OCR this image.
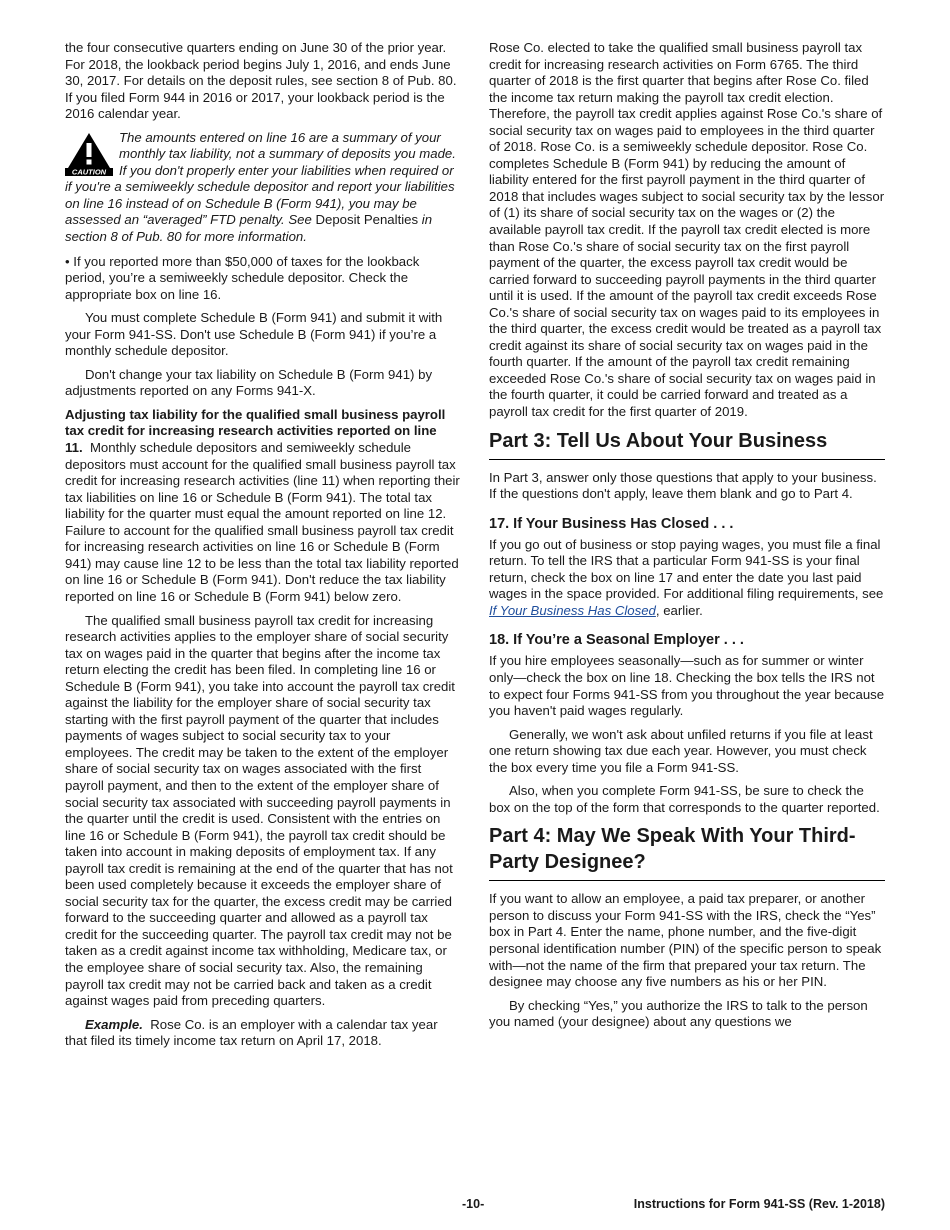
the four consecutive quarters ending on June 30 of the prior year. For 2018, the lookback period begins July 1, 2016, and ends June 30, 2017. For details on the deposit rules, see section 8 of Pub. 80. If you filed Form 944 in 2016 or 2017, your lookback period is the 2016 calendar year.

CAUTION
The amounts entered on line 16 are a summary of your monthly tax liability, not a summary of deposits you made. If you don't properly enter your liabilities when required or if you're a semiweekly schedule depositor and report your liabilities on line 16 instead of on Schedule B (Form 941), you may be assessed an “averaged” FTD penalty. See Deposit Penalties in section 8 of Pub. 80 for more information.

• If you reported more than $50,000 of taxes for the lookback period, you’re a semiweekly schedule depositor. Check the appropriate box on line 16.

You must complete Schedule B (Form 941) and submit it with your Form 941-SS. Don't use Schedule B (Form 941) if you’re a monthly schedule depositor.

Don't change your tax liability on Schedule B (Form 941) by adjustments reported on any Forms 941-X.

Adjusting tax liability for the qualified small business payroll tax credit for increasing research activities reported on line 11. Monthly schedule depositors and semiweekly schedule depositors must account for the qualified small business payroll tax credit for increasing research activities (line 11) when reporting their tax liabilities on line 16 or Schedule B (Form 941). The total tax liability for the quarter must equal the amount reported on line 12. Failure to account for the qualified small business payroll tax credit for increasing research activities on line 16 or Schedule B (Form 941) may cause line 12 to be less than the total tax liability reported on line 16 or Schedule B (Form 941). Don't reduce the tax liability reported on line 16 or Schedule B (Form 941) below zero.

The qualified small business payroll tax credit for increasing research activities applies to the employer share of social security tax on wages paid in the quarter that begins after the income tax return electing the credit has been filed. In completing line 16 or Schedule B (Form 941), you take into account the payroll tax credit against the liability for the employer share of social security tax starting with the first payroll payment of the quarter that includes payments of wages subject to social security tax to your employees. The credit may be taken to the extent of the employer share of social security tax on wages associated with the first payroll payment, and then to the extent of the employer share of social security tax associated with succeeding payroll payments in the quarter until the credit is used. Consistent with the entries on line 16 or Schedule B (Form 941), the payroll tax credit should be taken into account in making deposits of employment tax. If any payroll tax credit is remaining at the end of the quarter that has not been used completely because it exceeds the employer share of social security tax for the quarter, the excess credit may be carried forward to the succeeding quarter and allowed as a payroll tax credit for the succeeding quarter. The payroll tax credit may not be taken as a credit against income tax withholding, Medicare tax, or the employee share of social security tax. Also, the remaining payroll tax credit may not be carried back and taken as a credit against wages paid from preceding quarters.

Example. Rose Co. is an employer with a calendar tax year that filed its timely income tax return on April 17, 2018.

Rose Co. elected to take the qualified small business payroll tax credit for increasing research activities on Form 6765. The third quarter of 2018 is the first quarter that begins after Rose Co. filed the income tax return making the payroll tax credit election. Therefore, the payroll tax credit applies against Rose Co.'s share of social security tax on wages paid to employees in the third quarter of 2018. Rose Co. is a semiweekly schedule depositor. Rose Co. completes Schedule B (Form 941) by reducing the amount of liability entered for the first payroll payment in the third quarter of 2018 that includes wages subject to social security tax by the lessor of (1) its share of social security tax on the wages or (2) the available payroll tax credit. If the payroll tax credit elected is more than Rose Co.'s share of social security tax on the first payroll payment of the quarter, the excess payroll tax credit would be carried forward to succeeding payroll payments in the third quarter until it is used. If the amount of the payroll tax credit exceeds Rose Co.'s share of social security tax on wages paid to its employees in the third quarter, the excess credit would be treated as a payroll tax credit against its share of social security tax on wages paid in the fourth quarter. If the amount of the payroll tax credit remaining exceeded Rose Co.'s share of social security tax on wages paid in the fourth quarter, it could be carried forward and treated as a payroll tax credit for the first quarter of 2019.

Part 3: Tell Us About Your Business

In Part 3, answer only those questions that apply to your business. If the questions don't apply, leave them blank and go to Part 4.

17. If Your Business Has Closed . . .

If you go out of business or stop paying wages, you must file a final return. To tell the IRS that a particular Form 941-SS is your final return, check the box on line 17 and enter the date you last paid wages in the space provided. For additional filing requirements, see If Your Business Has Closed, earlier.

18. If You’re a Seasonal Employer . . .

If you hire employees seasonally—such as for summer or winter only—check the box on line 18. Checking the box tells the IRS not to expect four Forms 941-SS from you throughout the year because you haven't paid wages regularly.

Generally, we won't ask about unfiled returns if you file at least one return showing tax due each year. However, you must check the box every time you file a Form 941-SS.

Also, when you complete Form 941-SS, be sure to check the box on the top of the form that corresponds to the quarter reported.

Part 4: May We Speak With Your Third-Party Designee?

If you want to allow an employee, a paid tax preparer, or another person to discuss your Form 941-SS with the IRS, check the “Yes” box in Part 4. Enter the name, phone number, and the five-digit personal identification number (PIN) of the specific person to speak with—not the name of the firm that prepared your tax return. The designee may choose any five numbers as his or her PIN.

By checking “Yes,” you authorize the IRS to talk to the person you named (your designee) about any questions we

-10-	Instructions for Form 941-SS (Rev. 1-2018)
